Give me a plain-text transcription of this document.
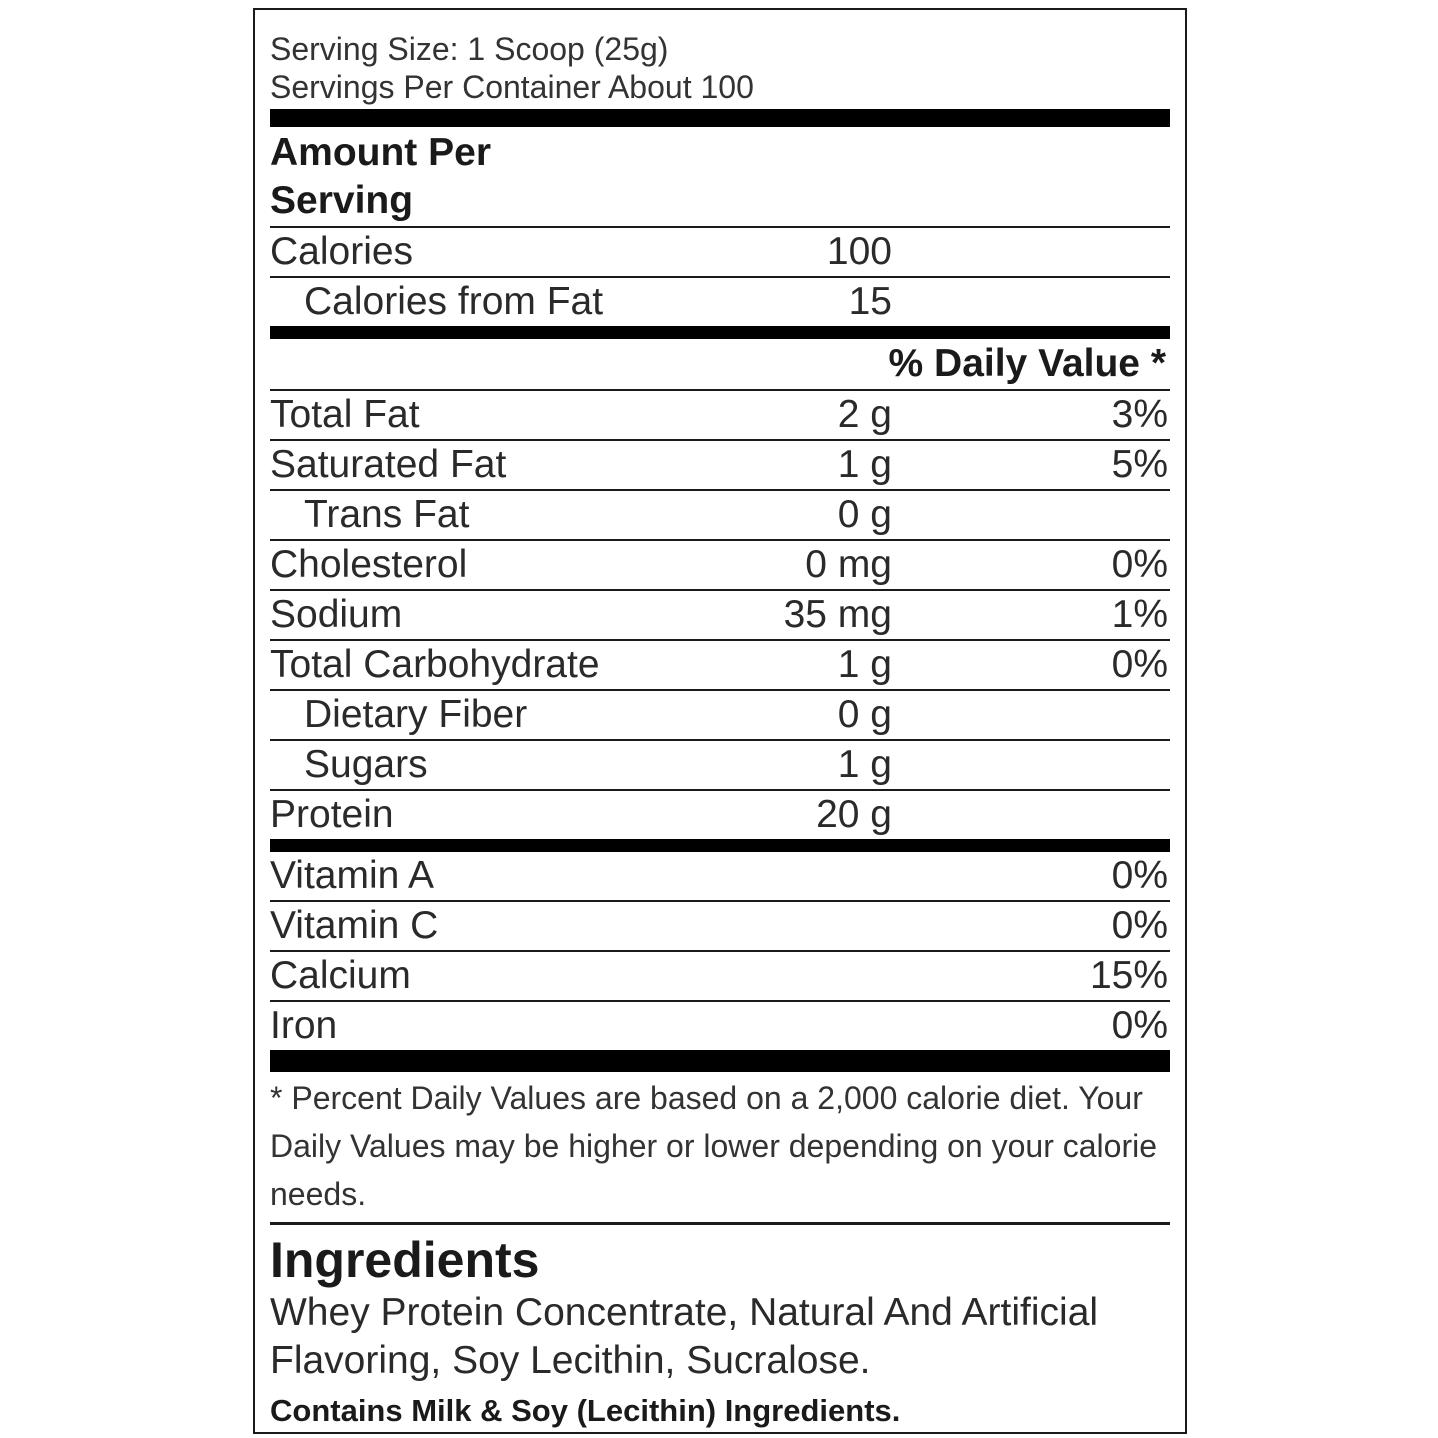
Serving Size: 1 Scoop (25g)
Servings Per Container About 100
Amount Per
Serving
Calories	100
Calories from Fat	15
% Daily Value *
Total Fat	2 g	3%
Saturated Fat	1 g	5%
Trans Fat	0 g
Cholesterol	0 mg	0%
Sodium	35 mg	1%
Total Carbohydrate	1 g	0%
Dietary Fiber	0 g
Sugars	1 g
Protein	20 g
Vitamin A	0%
Vitamin C	0%
Calcium	15%
Iron	0%
* Percent Daily Values are based on a 2,000 calorie diet. Your Daily Values may be higher or lower depending on your calorie needs.
Ingredients
Whey Protein Concentrate, Natural And Artificial Flavoring, Soy Lecithin, Sucralose.
Contains Milk & Soy (Lecithin) Ingredients.
